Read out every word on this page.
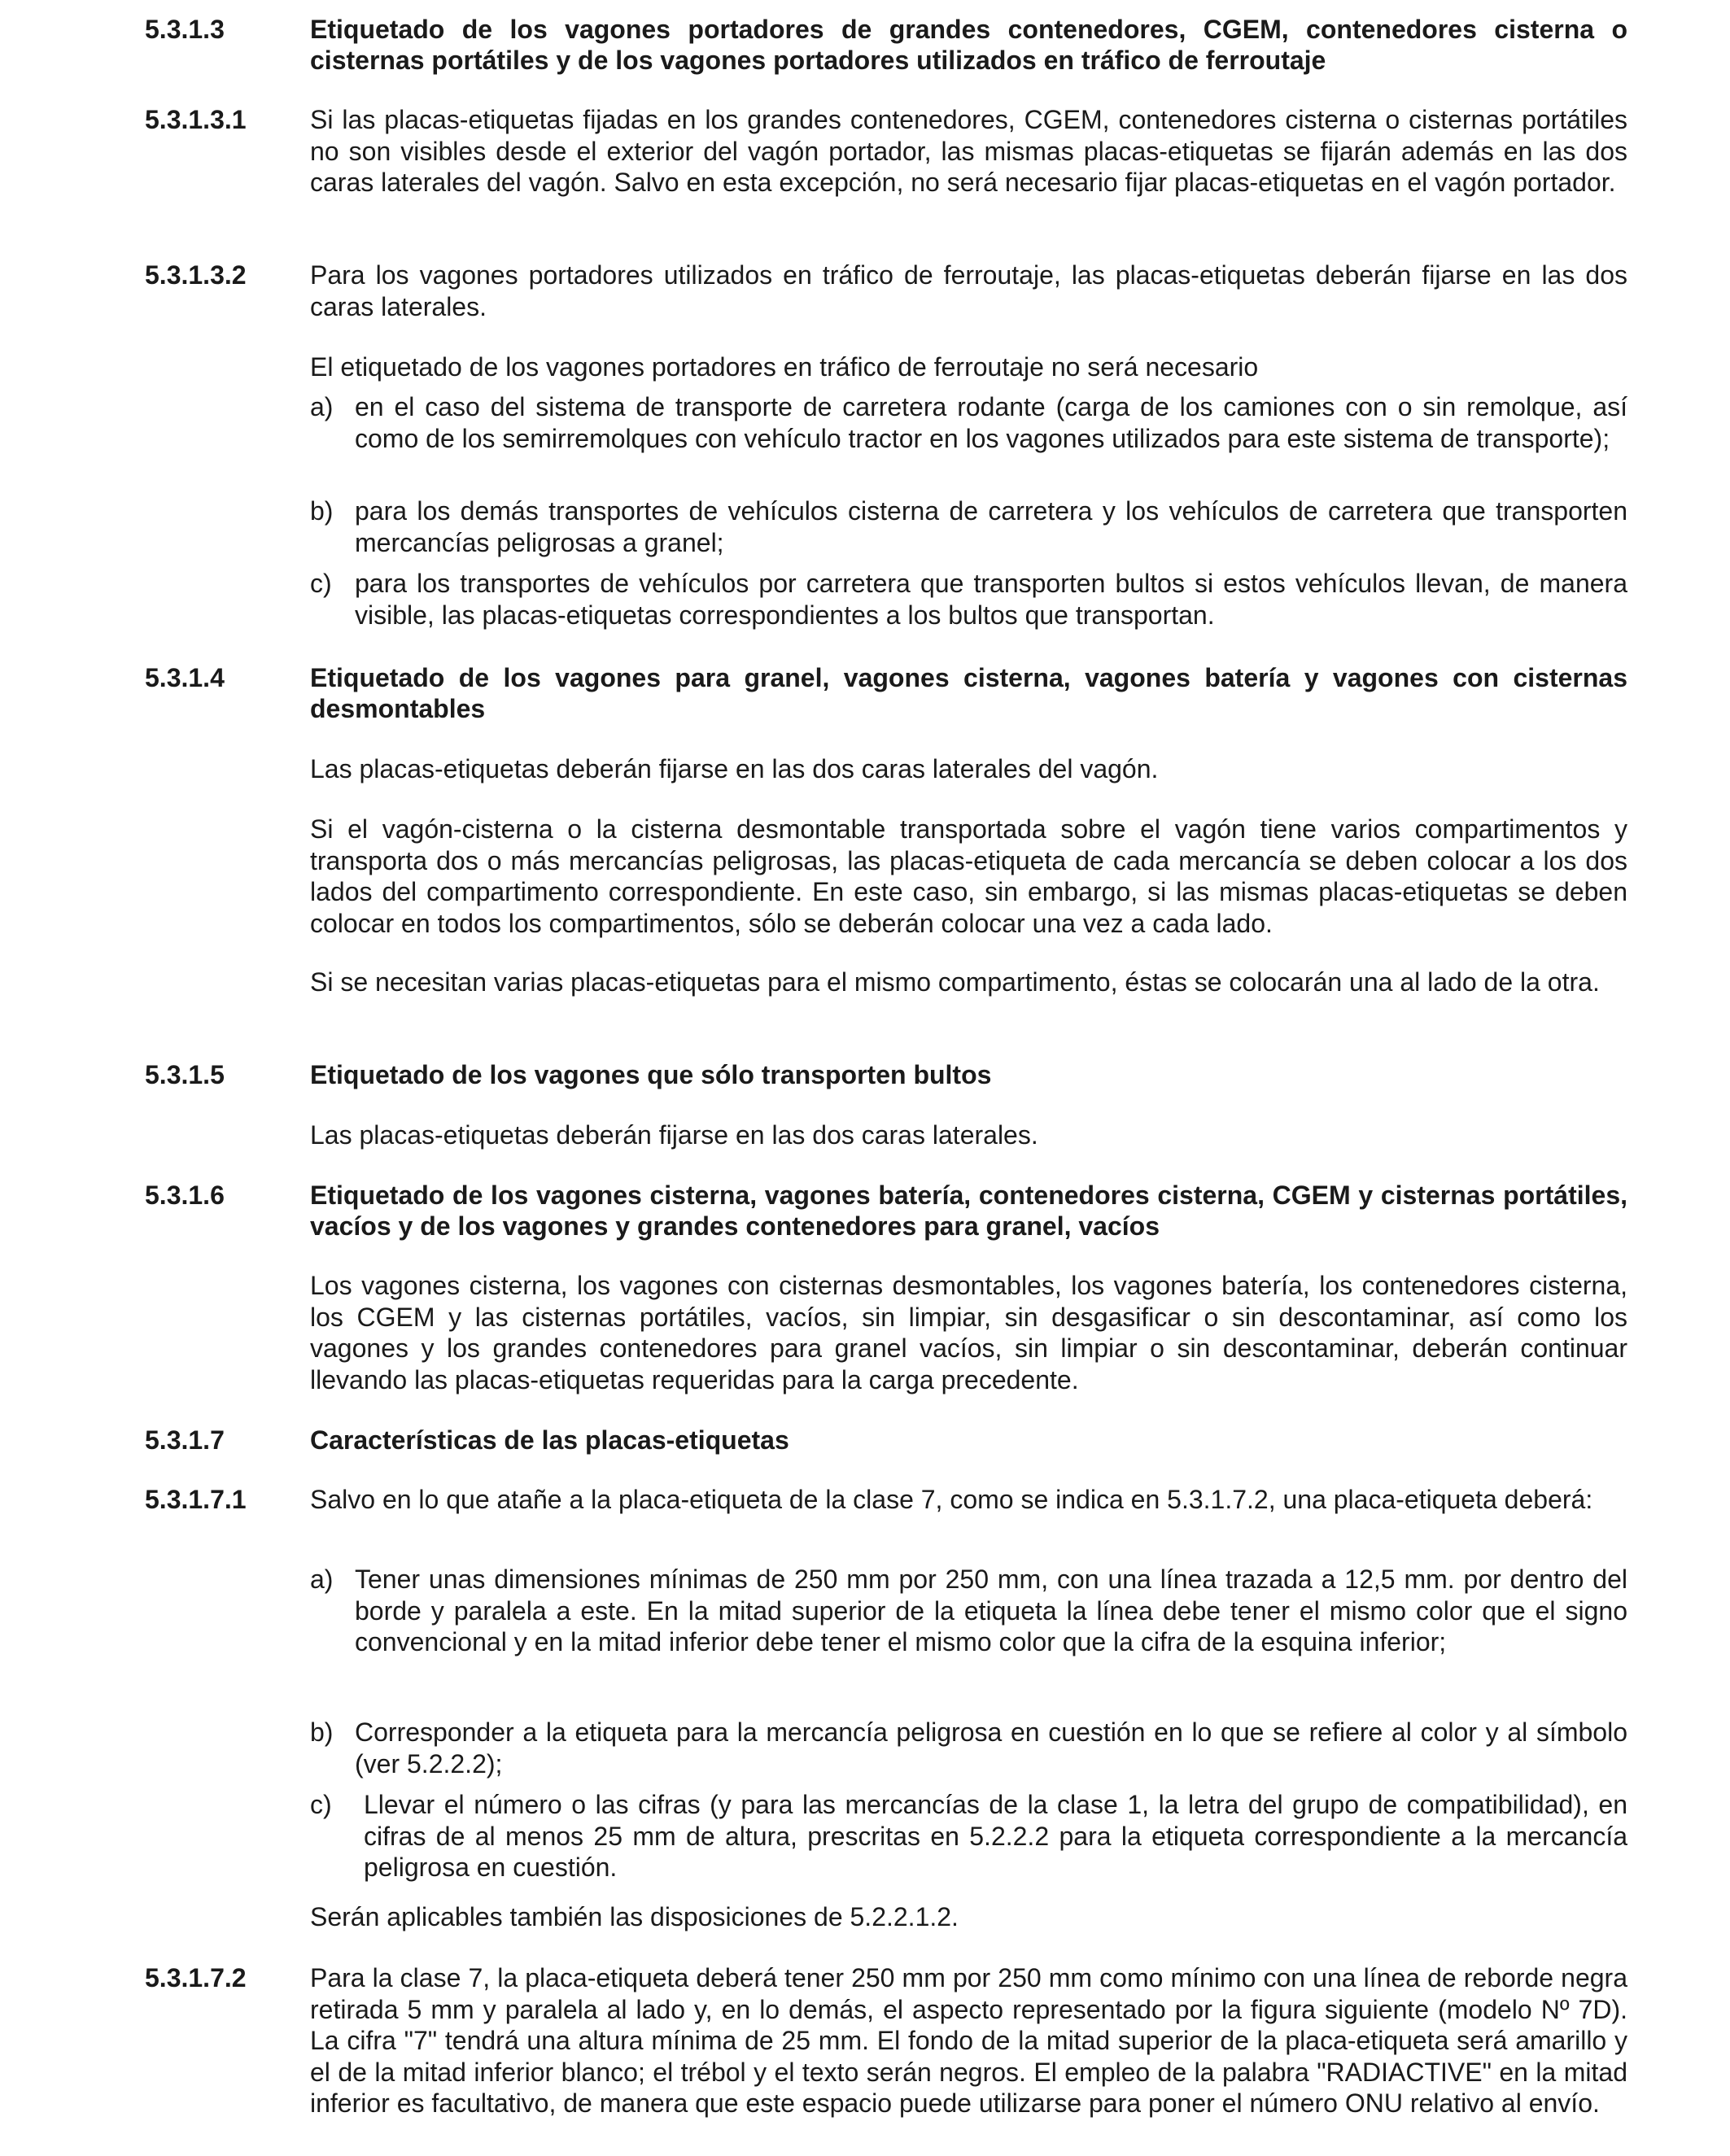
5.3.1.3	Etiquetado de los vagones portadores de grandes contenedores, CGEM, contenedores cisterna o cisternas portátiles y de los vagones portadores utilizados en tráfico de ferroutaje

5.3.1.3.1 Si las placas-etiquetas fijadas en los grandes contenedores, CGEM, contenedores cisterna o cisternas portátiles no son visibles desde el exterior del vagón portador, las mismas placas-etiquetas se fijarán además en las dos caras laterales del vagón. Salvo en esta excepción, no será necesario fijar placas-etiquetas en el vagón portador.

5.3.1.3.2 Para los vagones portadores utilizados en tráfico de ferroutaje, las placas-etiquetas deberán fijarse en las dos caras laterales.

El etiquetado de los vagones portadores en tráfico de ferroutaje no será necesario

a) en el caso del sistema de transporte de carretera rodante (carga de los camiones con o sin remolque, así como de los semirremolques con vehículo tractor en los vagones utilizados para este sistema de transporte);

b) para los demás transportes de vehículos cisterna de carretera y los vehículos de carretera que transporten mercancías peligrosas a granel;

c) para los transportes de vehículos por carretera que transporten bultos si estos vehículos llevan, de manera visible, las placas-etiquetas correspondientes a los bultos que transportan.

5.3.1.4	Etiquetado de los vagones para granel, vagones cisterna, vagones batería y vagones con cisternas desmontables

Las placas-etiquetas deberán fijarse en las dos caras laterales del vagón.

Si el vagón-cisterna o la cisterna desmontable transportada sobre el vagón tiene varios compartimentos y transporta dos o más mercancías peligrosas, las placas-etiqueta de cada mercancía se deben colocar a los dos lados del compartimento correspondiente. En este caso, sin embargo, si las mismas placas-etiquetas se deben colocar en todos los compartimentos, sólo se deberán colocar una vez a cada lado.

Si se necesitan varias placas-etiquetas para el mismo compartimento, éstas se colocarán una al lado de la otra.

5.3.1.5	Etiquetado de los vagones que sólo transporten bultos

Las placas-etiquetas deberán fijarse en las dos caras laterales.

5.3.1.6	Etiquetado de los vagones cisterna, vagones batería, contenedores cisterna, CGEM y cisternas portátiles, vacíos y de los vagones y grandes contenedores para granel, vacíos

Los vagones cisterna, los vagones con cisternas desmontables, los vagones batería, los contenedores cisterna, los CGEM y las cisternas portátiles, vacíos, sin limpiar, sin desgasificar o sin descontaminar, así como los vagones y los grandes contenedores para granel vacíos, sin limpiar o sin descontaminar, deberán continuar llevando las placas-etiquetas requeridas para la carga precedente.

5.3.1.7	Características de las placas-etiquetas

5.3.1.7.1 Salvo en lo que atañe a la placa-etiqueta de la clase 7, como se indica en 5.3.1.7.2, una placa-etiqueta deberá:

a) Tener unas dimensiones mínimas de 250 mm por 250 mm, con una línea trazada a 12,5 mm. por dentro del borde y paralela a este. En la mitad superior de la etiqueta la línea debe tener el mismo color que el signo convencional y en la mitad inferior debe tener el mismo color que la cifra de la esquina inferior;

b) Corresponder a la etiqueta para la mercancía peligrosa en cuestión en lo que se refiere al color y al símbolo (ver 5.2.2.2);

c) Llevar el número o las cifras (y para las mercancías de la clase 1, la letra del grupo de compatibilidad), en cifras de al menos 25 mm de altura, prescritas en 5.2.2.2 para la etiqueta correspondiente a la mercancía peligrosa en cuestión.

Serán aplicables también las disposiciones de 5.2.2.1.2.

5.3.1.7.2 Para la clase 7, la placa-etiqueta deberá tener 250 mm por 250 mm como mínimo con una línea de reborde negra retirada 5 mm y paralela al lado y, en lo demás, el aspecto representado por la figura siguiente (modelo Nº 7D). La cifra "7" tendrá una altura mínima de 25 mm. El fondo de la mitad superior de la placa-etiqueta será amarillo y el de la mitad inferior blanco; el trébol y el texto serán negros. El empleo de la palabra "RADIACTIVE" en la mitad inferior es facultativo, de manera que este espacio puede utilizarse para poner el número ONU relativo al envío.
